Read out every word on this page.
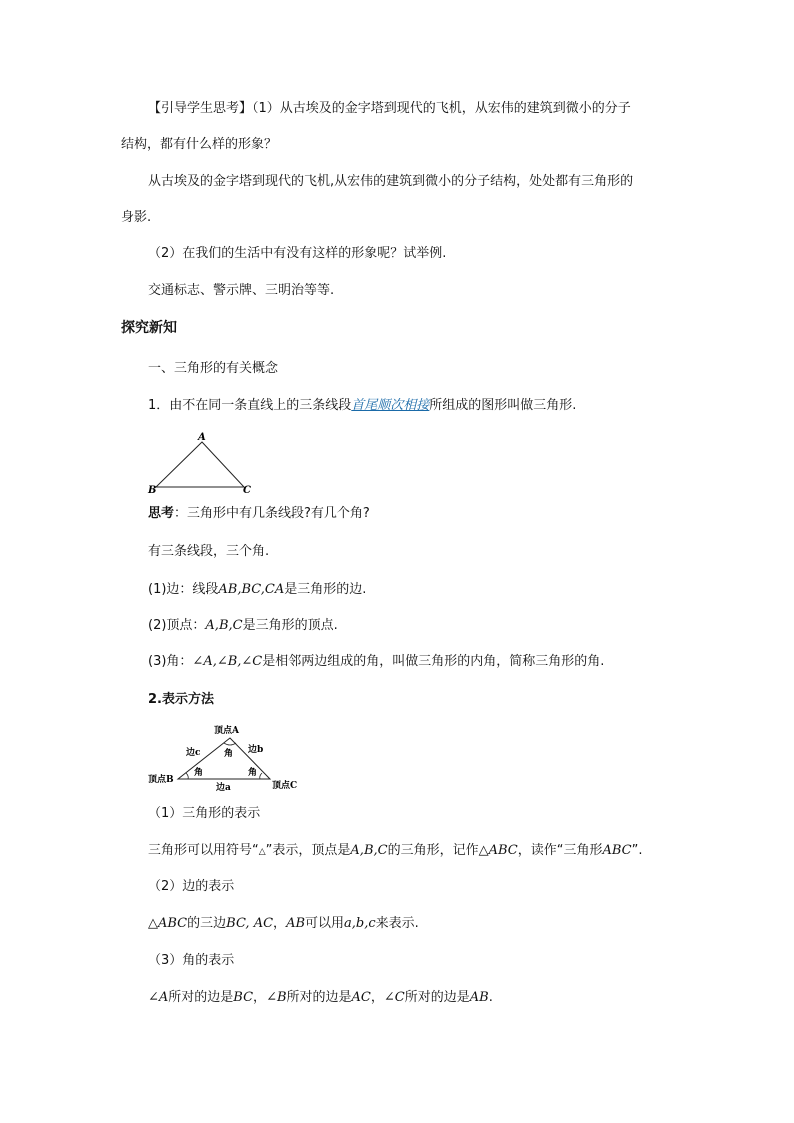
【引导学生思考】（1）从古埃及的金字塔到现代的飞机，从宏伟的建筑到微小的分子
结构，都有什么样的形象？
从古埃及的金字塔到现代的飞机,从宏伟的建筑到微小的分子结构，处处都有三角形的
身影.
（2）在我们的生活中有没有这样的形象呢？试举例.
交通标志、警示牌、三明治等等.
探究新知
一、三角形的有关概念
1．由不在同一条直线上的三条线段首尾顺次相接所组成的图形叫做三角形.
A
B	C
思考：三角形中有几条线段?有几个角?
有三条线段，三个角.
(1)边：线段AB,BC,CA是三角形的边.
(2)顶点：A,B,C是三角形的顶点.
(3)角：∠A,∠B,∠C是相邻两边组成的角，叫做三角形的内角，简称三角形的角.
2.表示方法
顶点A
边c	边b
角
角	角
顶点B
顶点C
边a
（1）三角形的表示
三角形可以用符号“△”表示，顶点是A,B,C的三角形，记作△ABC，读作“三角形ABC”.
（2）边的表示
△ABC的三边BC, AC，AB可以用a,b,c来表示.
（3）角的表示
∠A所对的边是BC，∠B所对的边是AC，∠C所对的边是AB.
